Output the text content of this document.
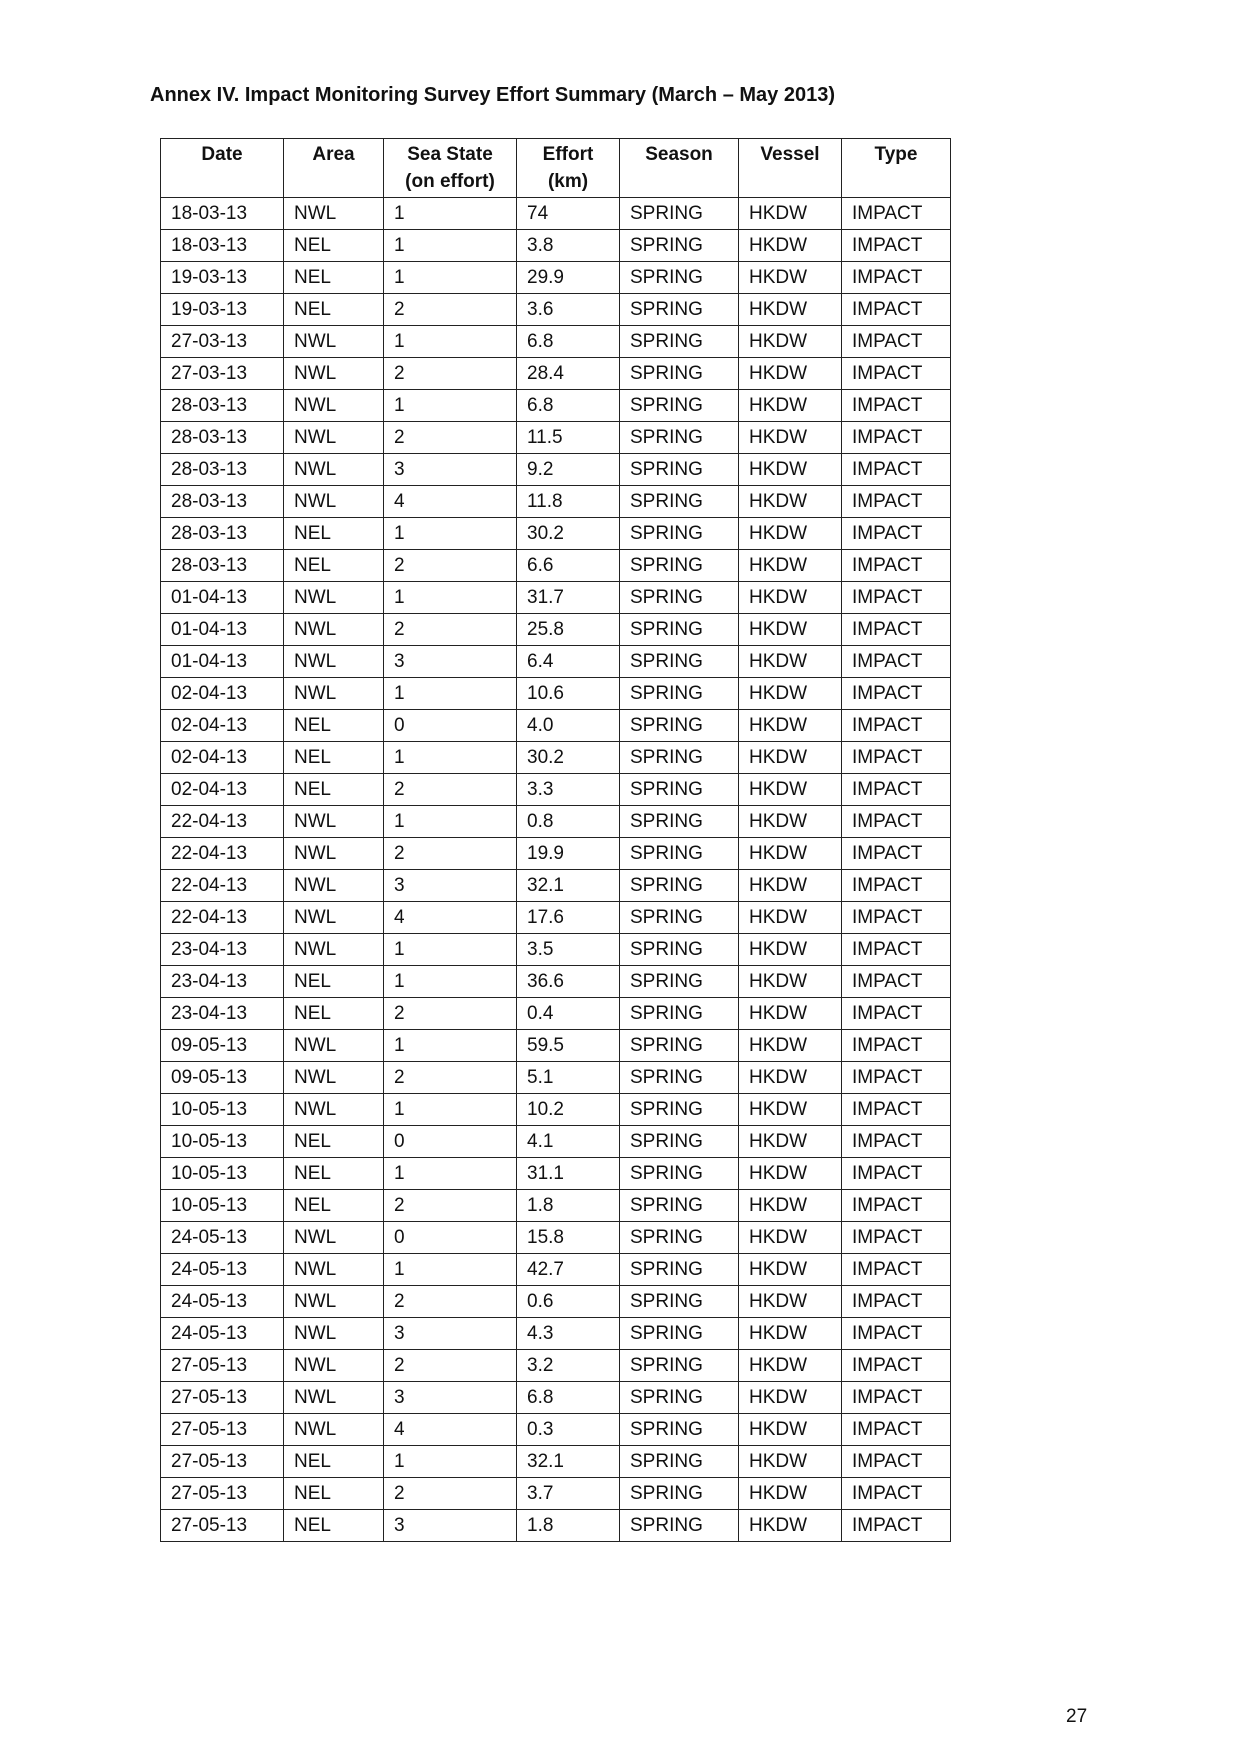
Annex IV. Impact Monitoring Survey Effort Summary (March – May 2013)
Date	Area	Sea State (on effort)	Effort (km)	Season	Vessel	Type
18-03-13	NWL	1	74	SPRING	HKDW	IMPACT
18-03-13	NEL	1	3.8	SPRING	HKDW	IMPACT
19-03-13	NEL	1	29.9	SPRING	HKDW	IMPACT
19-03-13	NEL	2	3.6	SPRING	HKDW	IMPACT
27-03-13	NWL	1	6.8	SPRING	HKDW	IMPACT
27-03-13	NWL	2	28.4	SPRING	HKDW	IMPACT
28-03-13	NWL	1	6.8	SPRING	HKDW	IMPACT
28-03-13	NWL	2	11.5	SPRING	HKDW	IMPACT
28-03-13	NWL	3	9.2	SPRING	HKDW	IMPACT
28-03-13	NWL	4	11.8	SPRING	HKDW	IMPACT
28-03-13	NEL	1	30.2	SPRING	HKDW	IMPACT
28-03-13	NEL	2	6.6	SPRING	HKDW	IMPACT
01-04-13	NWL	1	31.7	SPRING	HKDW	IMPACT
01-04-13	NWL	2	25.8	SPRING	HKDW	IMPACT
01-04-13	NWL	3	6.4	SPRING	HKDW	IMPACT
02-04-13	NWL	1	10.6	SPRING	HKDW	IMPACT
02-04-13	NEL	0	4.0	SPRING	HKDW	IMPACT
02-04-13	NEL	1	30.2	SPRING	HKDW	IMPACT
02-04-13	NEL	2	3.3	SPRING	HKDW	IMPACT
22-04-13	NWL	1	0.8	SPRING	HKDW	IMPACT
22-04-13	NWL	2	19.9	SPRING	HKDW	IMPACT
22-04-13	NWL	3	32.1	SPRING	HKDW	IMPACT
22-04-13	NWL	4	17.6	SPRING	HKDW	IMPACT
23-04-13	NWL	1	3.5	SPRING	HKDW	IMPACT
23-04-13	NEL	1	36.6	SPRING	HKDW	IMPACT
23-04-13	NEL	2	0.4	SPRING	HKDW	IMPACT
09-05-13	NWL	1	59.5	SPRING	HKDW	IMPACT
09-05-13	NWL	2	5.1	SPRING	HKDW	IMPACT
10-05-13	NWL	1	10.2	SPRING	HKDW	IMPACT
10-05-13	NEL	0	4.1	SPRING	HKDW	IMPACT
10-05-13	NEL	1	31.1	SPRING	HKDW	IMPACT
10-05-13	NEL	2	1.8	SPRING	HKDW	IMPACT
24-05-13	NWL	0	15.8	SPRING	HKDW	IMPACT
24-05-13	NWL	1	42.7	SPRING	HKDW	IMPACT
24-05-13	NWL	2	0.6	SPRING	HKDW	IMPACT
24-05-13	NWL	3	4.3	SPRING	HKDW	IMPACT
27-05-13	NWL	2	3.2	SPRING	HKDW	IMPACT
27-05-13	NWL	3	6.8	SPRING	HKDW	IMPACT
27-05-13	NWL	4	0.3	SPRING	HKDW	IMPACT
27-05-13	NEL	1	32.1	SPRING	HKDW	IMPACT
27-05-13	NEL	2	3.7	SPRING	HKDW	IMPACT
27-05-13	NEL	3	1.8	SPRING	HKDW	IMPACT
27
